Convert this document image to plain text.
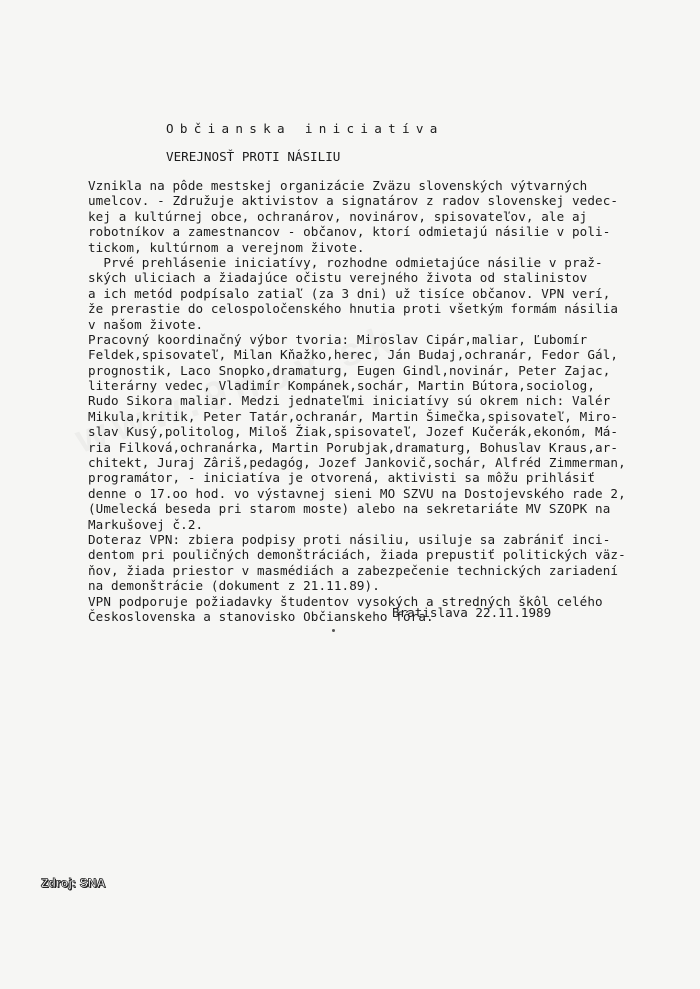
Občianska iniciatíva
VEREJNOSŤ PROTI NÁSILIU
Vznikla na pôde mestskej organizácie Zväzu slovenských výtvarných
umelcov. - Združuje aktivistov a signatárov z radov slovenskej vedec-
kej a kultúrnej obce, ochranárov, novinárov, spisovateľov, ale aj
robotníkov a zamestnancov - občanov, ktorí odmietajú násilie v poli-
tickom, kultúrnom a verejnom živote.
Prvé prehlásenie iniciatívy, rozhodne odmietajúce násilie v praž-
ských uliciach a žiadajúce očistu verejného života od stalinistov
a ich metód podpísalo zatiaľ (za 3 dni) už tisíce občanov. VPN verí,
že prerastie do celospoločenského hnutia proti všetkým formám násilia
v našom živote.
Pracovný koordinačný výbor tvoria: Miroslav Cipár,maliar, Ľubomír
Feldek,spisovateľ, Milan Kňažko,herec, Ján Budaj,ochranár, Fedor Gál,
prognostik, Laco Snopko,dramaturg, Eugen Gindl,novinár, Peter Zajac,
literárny vedec, Vladimír Kompánek,sochár, Martin Bútora,sociolog,
Rudo Sikora maliar. Medzi jednateľmi iniciatívy sú okrem nich: Valér
Mikula,kritik, Peter Tatár,ochranár, Martin Šimečka,spisovateľ, Miro-
slav Kusý,politolog, Miloš Žiak,spisovateľ, Jozef Kučerák,ekonóm, Má-
ria Filková,ochranárka, Martin Porubjak,dramaturg, Bohuslav Kraus,ar-
chitekt, Juraj Zâriš,pedagóg, Jozef Jankovič,sochár, Alfréd Zimmerman,
programátor, - iniciatíva je otvorená, aktivisti sa môžu prihlásiť
denne o 17.oo hod. vo výstavnej sieni MO SZVU na Dostojevského rade 2,
(Umelecká beseda pri starom moste) alebo na sekretariáte MV SZOPK na
Markušovej č.2.
Doteraz VPN: zbiera podpisy proti násiliu, usiluje sa zabrániť inci-
dentom pri pouličných demonštráciách, žiada prepustiť politických väz-
ňov, žiada priestor v masmédiách a zabezpečenie technických zariadení
na demonštrácie (dokument z 21.11.89).
VPN podporuje požiadavky študentov vysokých a stredných škôl celého
Československa a stanovisko Občianskeho fóra.
Bratislava 22.11.1989
Zdroj: SNA
